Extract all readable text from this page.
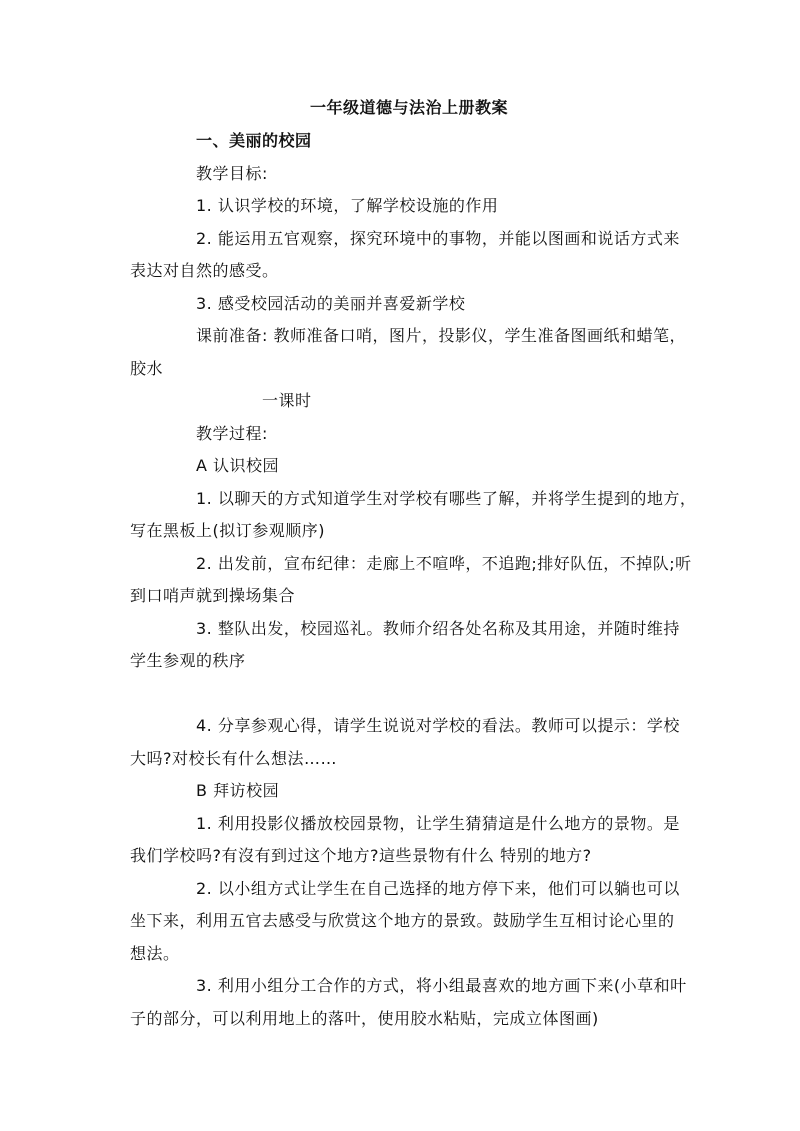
一年级道德与法治上册教案
一、美丽的校园
教学目标:
1. 认识学校的环境，了解学校设施的作用
2. 能运用五官观察，探究环境中的事物，并能以图画和说话方式来
表达对自然的感受。
3. 感受校园活动的美丽并喜爱新学校
课前准备: 教师准备口哨，图片，投影仪，学生准备图画纸和蜡笔，
胶水
一课时
教学过程:
A 认识校园
1. 以聊天的方式知道学生对学校有哪些了解，并将学生提到的地方，
写在黑板上(拟订参观顺序)
2. 出发前，宣布纪律：走廊上不喧哗，不追跑;排好队伍，不掉队;听
到口哨声就到操场集合
3. 整队出发，校园巡礼。教师介绍各处名称及其用途，并随时维持
学生参观的秩序
4. 分享参观心得，请学生说说对学校的看法。教师可以提示：学校
大吗?对校长有什么想法……
B 拜访校园
1. 利用投影仪播放校园景物，让学生猜猜這是什么地方的景物。是
我们学校吗?有沒有到过这个地方?這些景物有什么 特别的地方?
2. 以小组方式让学生在自己选择的地方停下来，他们可以躺也可以
坐下来，利用五官去感受与欣赏这个地方的景致。鼓励学生互相讨论心里的
想法。
3. 利用小组分工合作的方式，将小组最喜欢的地方画下来(小草和叶
子的部分，可以利用地上的落叶，使用胶水粘贴，完成立体图画)
